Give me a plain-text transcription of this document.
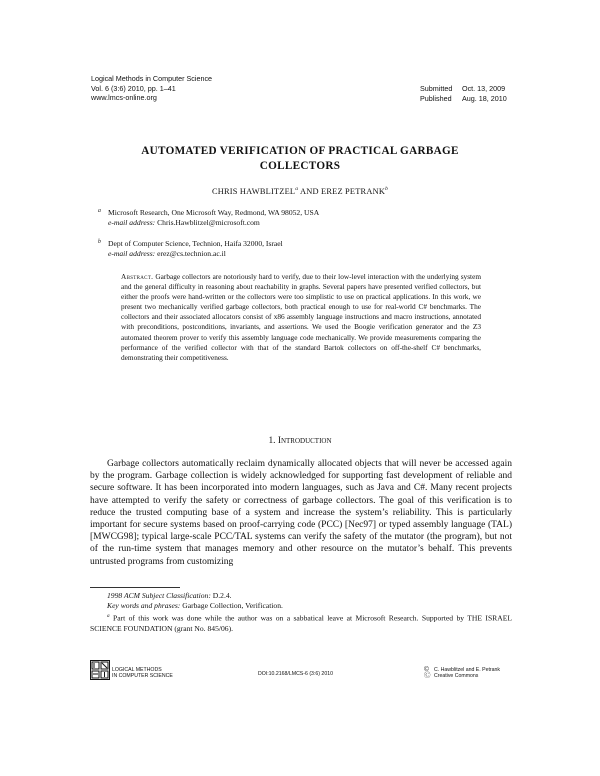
Logical Methods in Computer Science
Vol. 6 (3:6) 2010, pp. 1–41
www.lmcs-online.org
Submitted	Oct. 13, 2009
Published	Aug. 18, 2010
AUTOMATED VERIFICATION OF PRACTICAL GARBAGE
COLLECTORS
CHRIS HAWBLITZEL$^a$ AND EREZ PETRANK$^b$
a Microsoft Research, One Microsoft Way, Redmond, WA 98052, USA
e-mail address: Chris.Hawblitzel@microsoft.com
b Dept of Computer Science, Technion, Haifa 32000, Israel
e-mail address: erez@cs.technion.ac.il
Abstract. Garbage collectors are notoriously hard to verify, due to their low-level interaction with the underlying system and the general difficulty in reasoning about reachability in graphs. Several papers have presented verified collectors, but either the proofs were hand-written or the collectors were too simplistic to use on practical applications. In this work, we present two mechanically verified garbage collectors, both practical enough to use for real-world C# benchmarks. The collectors and their associated allocators consist of x86 assembly language instructions and macro instructions, annotated with preconditions, postconditions, invariants, and assertions. We used the Boogie verification generator and the Z3 automated theorem prover to verify this assembly language code mechanically. We provide measurements comparing the performance of the verified collector with that of the standard Bartok collectors on off-the-shelf C# benchmarks, demonstrating their competitiveness.
1. Introduction

Garbage collectors automatically reclaim dynamically allocated objects that will never be accessed again by the program. Garbage collection is widely acknowledged for supporting fast development of reliable and secure software. It has been incorporated into modern languages, such as Java and C#. Many recent projects have attempted to verify the safety or correctness of garbage collectors. The goal of this verification is to reduce the trusted computing base of a system and increase the system’s reliability. This is particularly important for secure systems based on proof-carrying code (PCC) [Nec97] or typed assembly language (TAL) [MWCG98]; typical large-scale PCC/TAL systems can verify the safety of the mutator (the program), but not of the run-time system that manages memory and other resource on the mutator’s behalf. This prevents untrusted programs from customizing

1998 ACM Subject Classification: D.2.4.
Key words and phrases: Garbage Collection, Verification.
$^a$ Part of this work was done while the author was on a sabbatical leave at Microsoft Research. Supported by THE ISRAEL SCIENCE FOUNDATION (grant No. 845/06).
LOGICAL METHODS
IN COMPUTER SCIENCE	DOI:10.2168/LMCS-6 (3:6) 2010
©	C. Hawblitzel and E. Petrank
Ⓒ Creative Commons
